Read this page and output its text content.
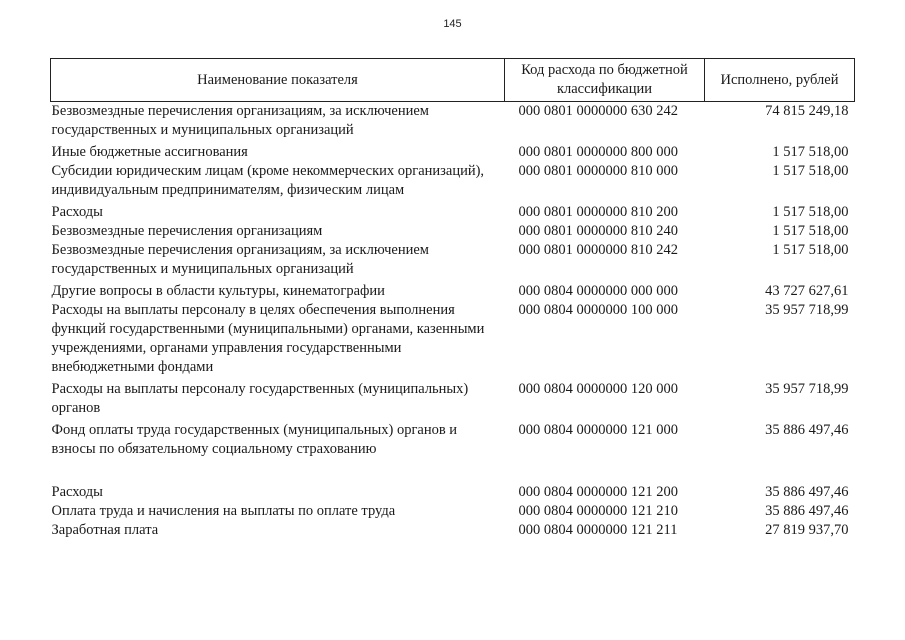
145
Наименование показателя	Код расхода по бюджетной классификации	Исполнено, рублей
Безвозмездные перечисления организациям, за исключением государственных и муниципальных организаций	000 0801 0000000 630 242	74 815 249,18
Иные бюджетные ассигнования	000 0801 0000000 800 000	1 517 518,00
Субсидии юридическим лицам (кроме некоммерческих организаций), индивидуальным предпринимателям, физическим лицам	000 0801 0000000 810 000	1 517 518,00
Расходы	000 0801 0000000 810 200	1 517 518,00
Безвозмездные перечисления организациям	000 0801 0000000 810 240	1 517 518,00
Безвозмездные перечисления организациям, за исключением государственных и муниципальных организаций	000 0801 0000000 810 242	1 517 518,00
Другие вопросы в области культуры, кинематографии	000 0804 0000000 000 000	43 727 627,61
Расходы на выплаты персоналу в целях обеспечения выполнения функций государственными (муниципальными) органами, казенными учреждениями, органами управления государственными внебюджетными фондами	000 0804 0000000 100 000	35 957 718,99
Расходы на выплаты персоналу государственных (муниципальных) органов	000 0804 0000000 120 000	35 957 718,99
Фонд оплаты труда государственных (муниципальных) органов и взносы по обязательному социальному страхованию	000 0804 0000000 121 000	35 886 497,46
Расходы	000 0804 0000000 121 200	35 886 497,46
Оплата труда и начисления на выплаты по оплате труда	000 0804 0000000 121 210	35 886 497,46
Заработная плата	000 0804 0000000 121 211	27 819 937,70
